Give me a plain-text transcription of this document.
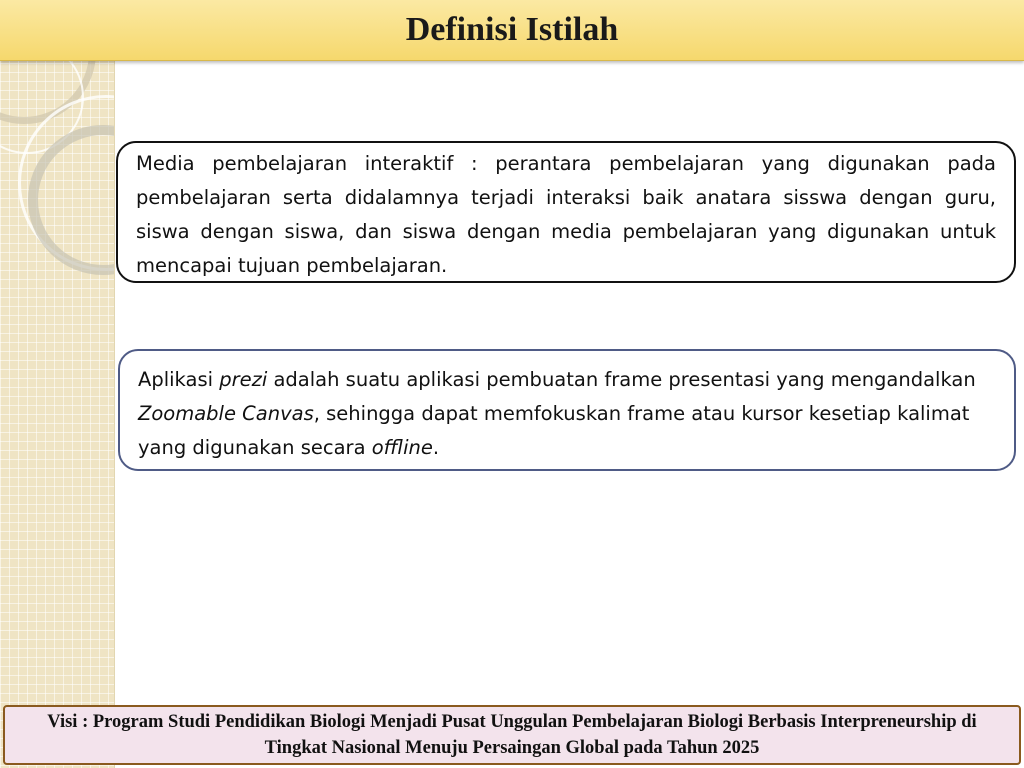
Definisi Istilah

Media pembelajaran interaktif : perantara pembelajaran yang digunakan pada pembelajaran serta didalamnya terjadi interaksi baik anatara sisswa dengan guru, siswa dengan siswa, dan siswa dengan media pembelajaran yang digunakan untuk mencapai tujuan pembelajaran.

Aplikasi prezi adalah suatu aplikasi pembuatan frame presentasi yang mengandalkan Zoomable Canvas, sehingga dapat memfokuskan frame atau kursor kesetiap kalimat yang digunakan secara offline.

Visi : Program Studi Pendidikan Biologi Menjadi Pusat Unggulan Pembelajaran Biologi Berbasis Interpreneurship di Tingkat Nasional Menuju Persaingan Global pada Tahun 2025
